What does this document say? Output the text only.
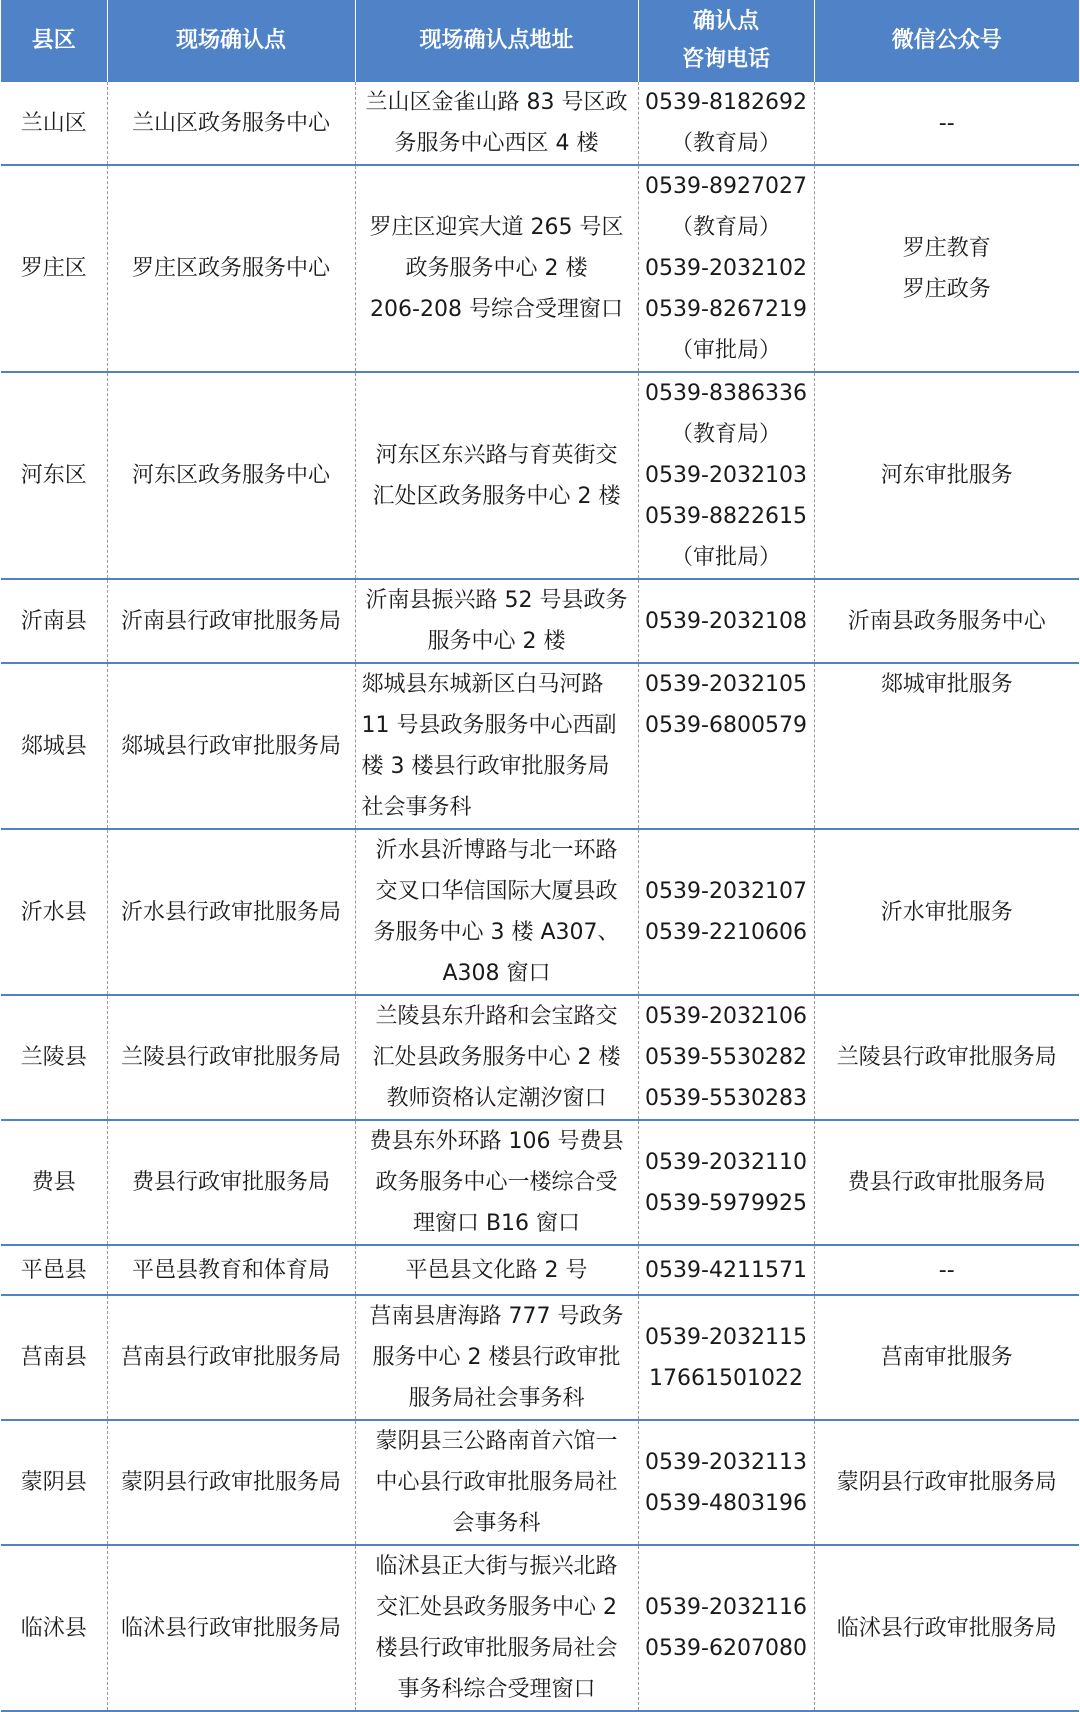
县区	现场确认点	现场确认点地址	确认点
咨询电话	微信公众号
兰山区	兰山区政务服务中心	兰山区金雀山路 83 号区政
务服务中心西区 4 楼	0539-8182692
（教育局）	--

罗庄区	罗庄区政务服务中心	罗庄区迎宾大道 265 号区
政务服务中心 2 楼
206-208 号综合受理窗口	0539-8927027
（教育局）
0539-2032102
0539-8267219
（审批局）	罗庄教育
罗庄政务

河东区	河东区政务服务中心	河东区东兴路与育英街交
汇处区政务服务中心 2 楼	0539-8386336
（教育局）
0539-2032103
0539-8822615
（审批局）	河东审批服务

沂南县	沂南县行政审批服务局	沂南县振兴路 52 号县政务
服务中心 2 楼	0539-2032108	沂南县政务服务中心

郯城县	郯城县行政审批服务局	郯城县东城新区白马河路
11 号县政务服务中心西副
楼 3 楼县行政审批服务局
社会事务科	0539-2032105
0539-6800579	郯城审批服务

沂水县	沂水县行政审批服务局	沂水县沂博路与北一环路
交叉口华信国际大厦县政
务服务中心 3 楼 A307、
A308 窗口	0539-2032107
0539-2210606	沂水审批服务

兰陵县	兰陵县行政审批服务局	兰陵县东升路和会宝路交
汇处县政务服务中心 2 楼
教师资格认定潮汐窗口	0539-2032106
0539-5530282
0539-5530283	兰陵县行政审批服务局

费县	费县行政审批服务局	费县东外环路 106 号费县
政务服务中心一楼综合受
理窗口 B16 窗口	0539-2032110
0539-5979925	费县行政审批服务局

平邑县	平邑县教育和体育局	平邑县文化路 2 号	0539-4211571	--

莒南县	莒南县行政审批服务局	莒南县唐海路 777 号政务
服务中心 2 楼县行政审批
服务局社会事务科	0539-2032115
17661501022	莒南审批服务

蒙阴县	蒙阴县行政审批服务局	蒙阴县三公路南首六馆一
中心县行政审批服务局社
会事务科	0539-2032113
0539-4803196	蒙阴县行政审批服务局

临沭县	临沭县行政审批服务局	临沭县正大街与振兴北路
交汇处县政务服务中心 2
楼县行政审批服务局社会
事务科综合受理窗口	0539-2032116
0539-6207080	临沭县行政审批服务局
